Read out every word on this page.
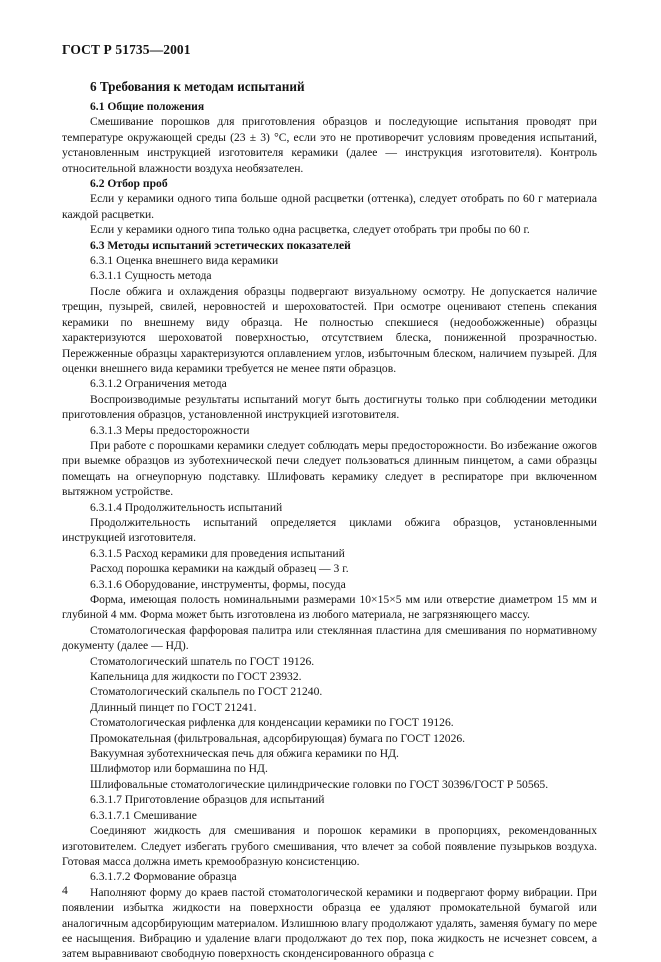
ГОСТ Р 51735—2001

6 Требования к методам испытаний

6.1 Общие положения

Смешивание порошков для приготовления образцов и последующие испытания проводят при температуре окружающей среды (23 ± 3) °С, если это не противоречит условиям проведения испытаний, установленным инструкцией изготовителя керамики (далее — инструкция изготовителя). Контроль относительной влажности воздуха необязателен.

6.2 Отбор проб

Если у керамики одного типа больше одной расцветки (оттенка), следует отобрать по 60 г материала каждой расцветки.

Если у керамики одного типа только одна расцветка, следует отобрать три пробы по 60 г.

6.3 Методы испытаний эстетических показателей

6.3.1 Оценка внешнего вида керамики

6.3.1.1 Сущность метода

После обжига и охлаждения образцы подвергают визуальному осмотру. Не допускается наличие трещин, пузырей, свилей, неровностей и шероховатостей. При осмотре оценивают степень спекания керамики по внешнему виду образца. Не полностью спекшиеся (недообожженные) образцы характеризуются шероховатой поверхностью, отсутствием блеска, пониженной прозрачностью. Пережженные образцы характеризуются оплавлением углов, избыточным блеском, наличием пузырей. Для оценки внешнего вида керамики требуется не менее пяти образцов.

6.3.1.2 Ограничения метода

Воспроизводимые результаты испытаний могут быть достигнуты только при соблюдении методики приготовления образцов, установленной инструкцией изготовителя.

6.3.1.3 Меры предосторожности

При работе с порошками керамики следует соблюдать меры предосторожности. Во избежание ожогов при выемке образцов из зуботехнической печи следует пользоваться длинным пинцетом, а сами образцы помещать на огнеупорную подставку. Шлифовать керамику следует в респираторе при включенном вытяжном устройстве.

6.3.1.4 Продолжительность испытаний

Продолжительность испытаний определяется циклами обжига образцов, установленными инструкцией изготовителя.

6.3.1.5 Расход керамики для проведения испытаний

Расход порошка керамики на каждый образец — 3 г.

6.3.1.6 Оборудование, инструменты, формы, посуда

Форма, имеющая полость номинальными размерами 10×15×5 мм или отверстие диаметром 15 мм и глубиной 4 мм. Форма может быть изготовлена из любого материала, не загрязняющего массу.

Стоматологическая фарфоровая палитра или стеклянная пластина для смешивания по нормативному документу (далее — НД).

Стоматологический шпатель по ГОСТ 19126.

Капельница для жидкости по ГОСТ 23932.

Стоматологический скальпель по ГОСТ 21240.

Длинный пинцет по ГОСТ 21241.

Стоматологическая рифленка для конденсации керамики по ГОСТ 19126.

Промокательная (фильтровальная, адсорбирующая) бумага по ГОСТ 12026.

Вакуумная зуботехническая печь для обжига керамики по НД.

Шлифмотор или бормашина по НД.

Шлифовальные стоматологические цилиндрические головки по ГОСТ 30396/ГОСТ Р 50565.

6.3.1.7 Приготовление образцов для испытаний

6.3.1.7.1 Смешивание

Соединяют жидкость для смешивания и порошок керамики в пропорциях, рекомендованных изготовителем. Следует избегать грубого смешивания, что влечет за собой появление пузырьков воздуха. Готовая масса должна иметь кремообразную консистенцию.

6.3.1.7.2 Формование образца

Наполняют форму до краев пастой стоматологической керамики и подвергают форму вибрации. При появлении избытка жидкости на поверхности образца ее удаляют промокательной бумагой или аналогичным адсорбирующим материалом. Излишнюю влагу продолжают удалять, заменяя бумагу по мере ее насыщения. Вибрацию и удаление влаги продолжают до тех пор, пока жидкость не исчезнет совсем, а затем выравнивают свободную поверхность сконденсированного образца с

4
